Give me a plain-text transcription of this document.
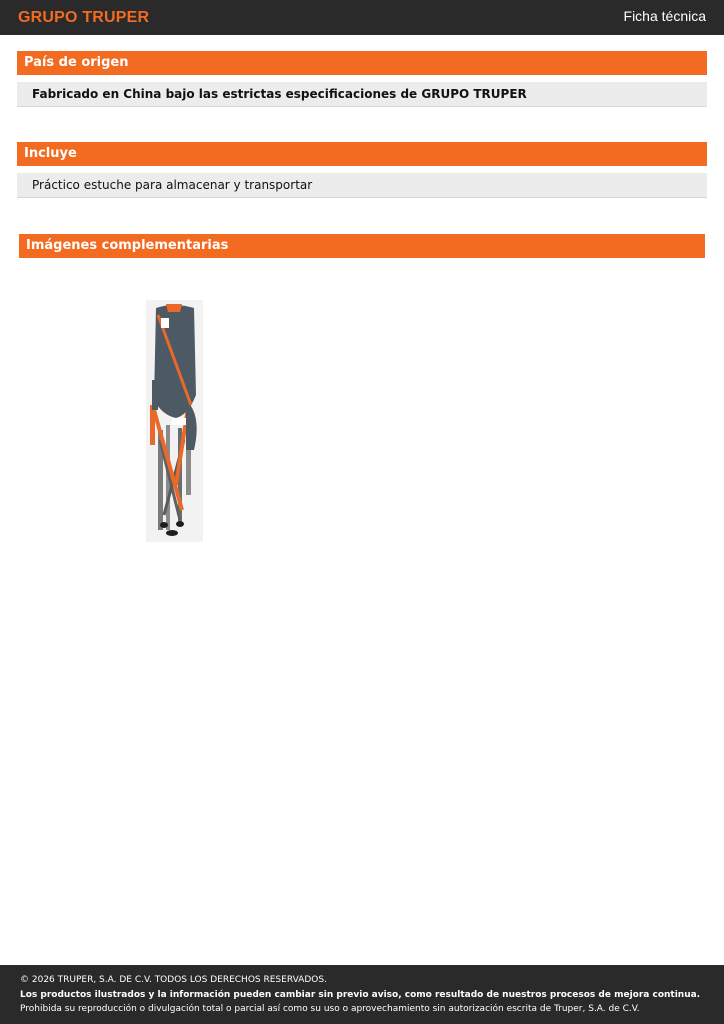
GRUPO TRUPER	Ficha técnica
País de origen
Fabricado en China bajo las estrictas especificaciones de GRUPO TRUPER
Incluye
Práctico estuche para almacenar y transportar
Imágenes complementarias
© 2026 TRUPER, S.A. DE C.V. TODOS LOS DERECHOS RESERVADOS.
Los productos ilustrados y la información pueden cambiar sin previo aviso, como resultado de nuestros procesos de mejora continua.
Prohibida su reproducción o divulgación total o parcial así como su uso o aprovechamiento sin autorización escrita de Truper, S.A. de C.V.
